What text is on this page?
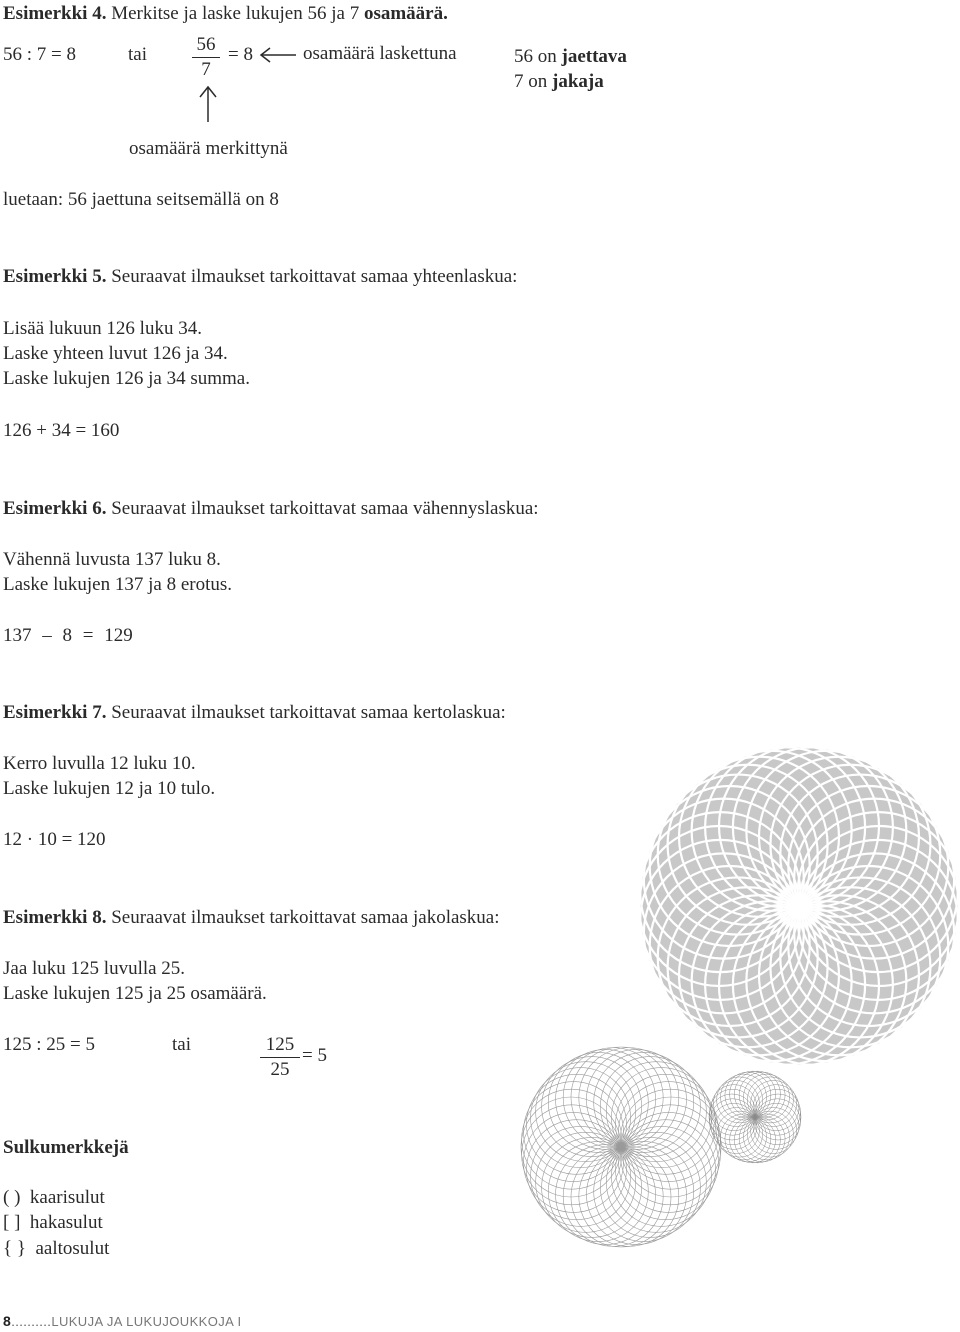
Esimerkki 4. Merkitse ja laske lukujen 56 ja 7 osamäärä.
56 : 7 = 8	tai $\frac{56}{7} = 8$	osamäärä laskettuna	56 on jaettava
7 on jakaja
osamäärä merkittynä
luetaan: 56 jaettuna seitsemällä on 8
Esimerkki 5. Seuraavat ilmaukset tarkoittavat samaa yhteenlaskua:
Lisää lukuun 126 luku 34.
Laske yhteen luvut 126 ja 34.
Laske lukujen 126 ja 34 summa.
126 + 34 = 160
Esimerkki 6. Seuraavat ilmaukset tarkoittavat samaa vähennyslaskua:
Vähennä luvusta 137 luku 8.
Laske lukujen 137 ja 8 erotus.
137 – 8 = 129
Esimerkki 7. Seuraavat ilmaukset tarkoittavat samaa kertolaskua:
Kerro luvulla 12 luku 10.
Laske lukujen 12 ja 10 tulo.
12 · 10 = 120
Esimerkki 8. Seuraavat ilmaukset tarkoittavat samaa jakolaskua:
Jaa luku 125 luvulla 25.
Laske lukujen 125 ja 25 osamäärä.
125 : 25 = 5	tai	$\frac{125}{25} = 5$
Sulkumerkkejä
( )  kaarisulut
[ ]  hakasulut
{ }  aaltosulut
8..........LUKUJA JA LUKUJOUKKOJA I
